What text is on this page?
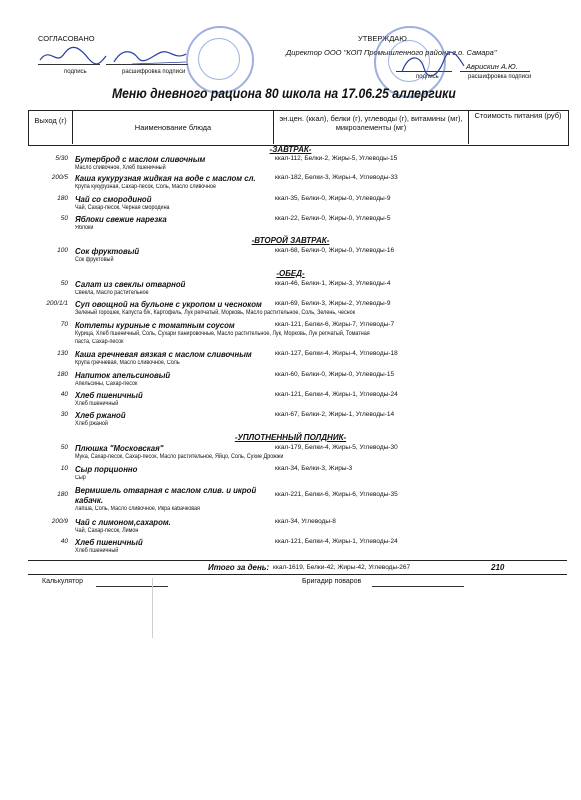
СОГЛАСОВАНО
подпись	расшифровка подписи
УТВЕРЖДАЮ
Директор ООО "КОП Промышленного района г.о. Самара"
Аврискин А.Ю.
подпись	расшифровка подписи
Меню дневного рациона 80 школа на 17.06.25 аллергики
Выход (г)
Наименование блюда
эн.цен. (ккал), белки (г), углеводы (г), витамины (мг), микроэлементы (мг)
Стоимость питания (руб)
-ЗАВТРАК-
5/30 Бутерброд с маслом сливочным
Масло сливочное, Хлеб пшеничный
ккал-112, Белки-2, Жиры-5, Углеводы-15
200/5 Каша кукурузная жидкая на воде с маслом сл.
Крупа кукурузная, Сахар-песок, Соль, Масло сливочное
ккал-182, Белки-3, Жиры-4, Углеводы-33
180 Чай со смородиной
Чай, Сахар-песок, Черная смородина
ккал-35, Белки-0, Жиры-0, Углеводы-9
50 Яблоки свежие нарезка
Яблоки
ккал-22, Белки-0, Жиры-0, Углеводы-5
-ВТОРОЙ ЗАВТРАК-
100 Сок фруктовый
Сок фруктовый
ккал-68, Белки-0, Жиры-0, Углеводы-16
-ОБЕД-
50 Салат из свеклы отварной
Свекла, Масло растительное
ккал-46, Белки-1, Жиры-3, Углеводы-4
200/1/1 Суп овощной на бульоне с укропом и чесноком
Зеленый горошек, Капуста б/к, Картофель, Лук репчатый, Морковь, Масло растительное, Соль, Зелень, чеснок
ккал-69, Белки-3, Жиры-2, Углеводы-9
70 Котлеты куриные с томатным соусом
Курица, Хлеб пшеничный, Соль, Сухари панировочные, Масло растительное, Лук, Морковь, Лук репчатый, Томатная
паста, Сахар-песок
ккал-121, Белки-6, Жиры-7, Углеводы-7
130 Каша гречневая вязкая с маслом сливочным
Крупа гречневая, Масло сливочное, Соль
ккал-127, Белки-4, Жиры-4, Углеводы-18
180 Напиток апельсиновый
Апельсины, Сахар-песок
ккал-60, Белки-0, Жиры-0, Углеводы-15
40 Хлеб пшеничный
Хлеб пшеничный
ккал-121, Белки-4, Жиры-1, Углеводы-24
30 Хлеб ржаной
Хлеб ржаной
ккал-67, Белки-2, Жиры-1, Углеводы-14
-УПЛОТНЕННЫЙ ПОЛДНИК-
50 Плюшка "Московская"
Мука, Сахар-песок, Сахар-песок, Масло растительное, Яйцо, Соль, Сухие Дрожжи
ккал-179, Белки-4, Жиры-5, Углеводы-30
10 Сыр порционно
Сыр
ккал-34, Белки-3, Жиры-3
180 Вермишель отварная с маслом слив. и икрой
кабачк.
Лапша, Соль, Масло сливочное, Икра кабачковая
ккал-221, Белки-6, Жиры-6, Углеводы-35
200/9 Чай с лимоном,сахаром.
Чай, Сахар-песок, Лимон
ккал-34, Углеводы-8
40 Хлеб пшеничный
Хлеб пшеничный
ккал-121, Белки-4, Жиры-1, Углеводы-24
Итого за день: ккал-1619, Белки-42, Жиры-42, Углеводы-267	210
Калькулятор	Бригадир поваров
